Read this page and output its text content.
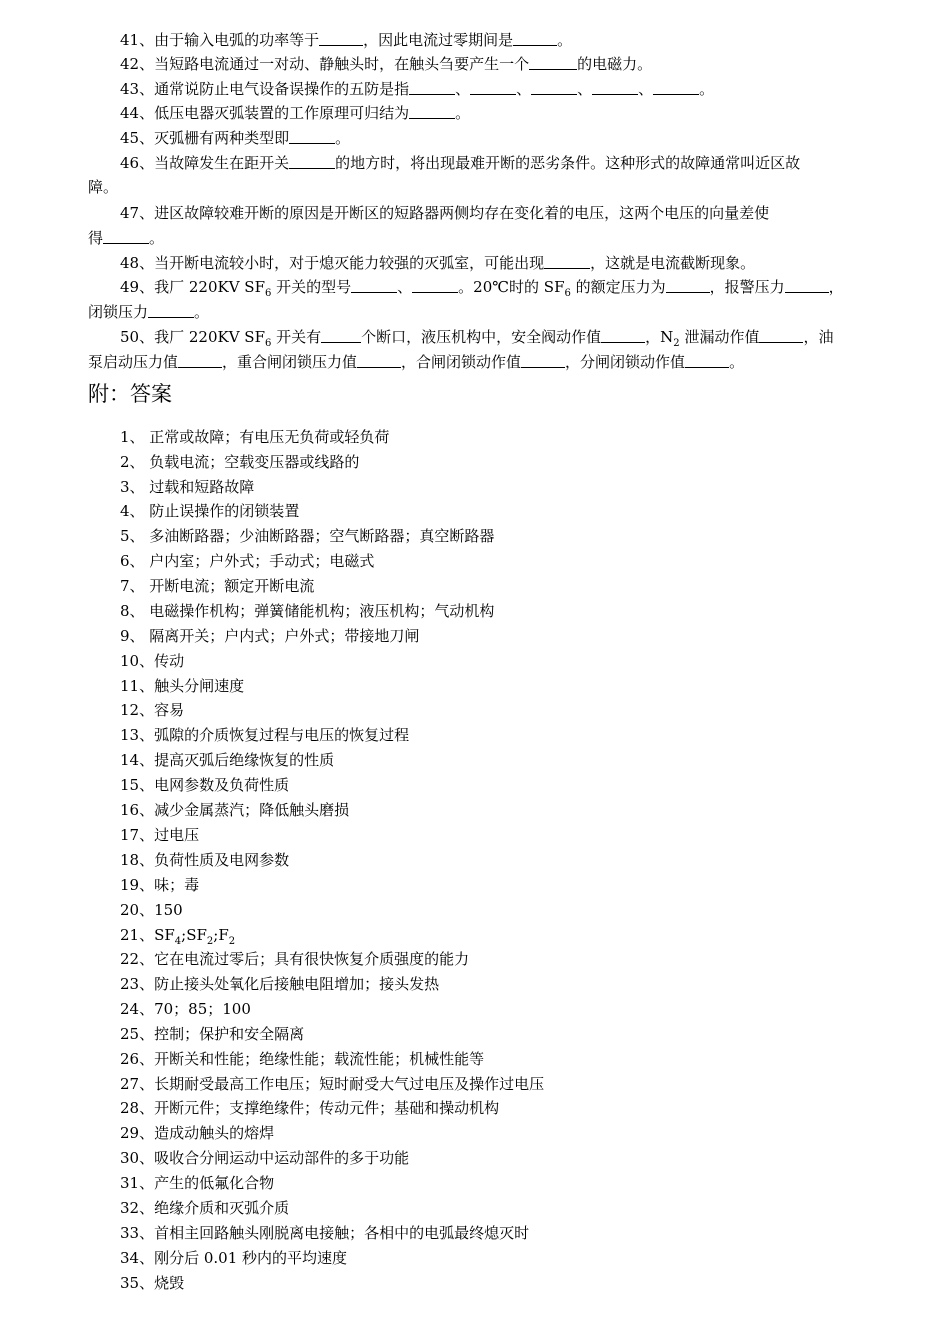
41、由于输入电弧的功率等于	，因此电流过零期间是	。
42、当短路电流通过一对动、静触头时，在触头刍要产生一个	的电磁力。
43、通常说防止电气设备误操作的五防是指	、	、	、	、	。
44、低压电器灭弧装置的工作原理可归结为	。
45、灭弧栅有两种类型即	。
46、当故障发生在距开关	的地方时，将出现最难开断的恶劣条件。这种形式的故障通常叫近区故
障。
47、进区故障较难开断的原因是开断区的短路器两侧均存在变化着的电压，这两个电压的向量差使
得	。
48、当开断电流较小时，对于熄灭能力较强的灭弧室，可能出现	，这就是电流截断现象。
49、我厂 220KV $SF_6$ 开关的型号	、	。20℃时的 $SF_6$ 的额定压力为	，报警压力	，
闭锁压力	。
50、我厂 220KV $SF_6$ 开关有	个断口，液压机构中，安全阀动作值	，$N_2$ 泄漏动作值	，油
泵启动压力值	，重合闸闭锁压力值	，合闸闭锁动作值	，分闸闭锁动作值	。
附：答案
1、 正常或故障；有电压无负荷或轻负荷
2、 负载电流；空载变压器或线路的
3、 过载和短路故障
4、 防止误操作的闭锁装置
5、 多油断路器；少油断路器；空气断路器；真空断路器
6、 户内室；户外式；手动式；电磁式
7、 开断电流；额定开断电流
8、 电磁操作机构；弹簧储能机构；液压机构；气动机构
9、 隔离开关；户内式；户外式；带接地刀闸
10、传动
11、触头分闸速度
12、容易
13、弧隙的介质恢复过程与电压的恢复过程
14、提高灭弧后绝缘恢复的性质
15、电网参数及负荷性质
16、减少金属蒸汽；降低触头磨损
17、过电压
18、负荷性质及电网参数
19、味；毒
20、150
21、$SF_4;SF_2;F_2$
22、它在电流过零后；具有很快恢复介质强度的能力
23、防止接头处氧化后接触电阻增加；接头发热
24、70；85；100
25、控制；保护和安全隔离
26、开断关和性能；绝缘性能；载流性能；机械性能等
27、长期耐受最高工作电压；短时耐受大气过电压及操作过电压
28、开断元件；支撑绝缘件；传动元件；基础和操动机构
29、造成动触头的熔焊
30、吸收合分闸运动中运动部件的多于功能
31、产生的低氟化合物
32、绝缘介质和灭弧介质
33、首相主回路触头刚脱离电接触；各相中的电弧最终熄灭时
34、刚分后 0.01 秒内的平均速度
35、烧毁
